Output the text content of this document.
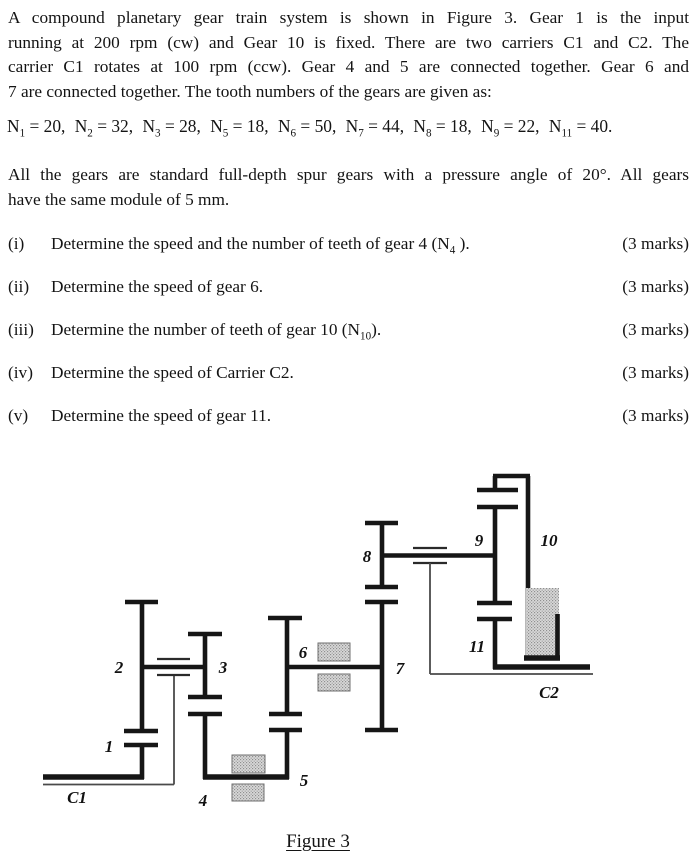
A compound planetary gear train system is shown in Figure 3. Gear 1 is the input
running at 200 rpm (cw) and Gear 10 is fixed. There are two carriers C1 and C2. The
carrier C1 rotates at 100 rpm (ccw). Gear 4 and 5 are connected together. Gear 6 and
7 are connected together. The tooth numbers of the gears are given as:
$N_1 = 20$, $N_2 = 32$, $N_3 = 28$, $N_5 = 18$, $N_6 = 50$, $N_7 = 44$, $N_8 = 18$, $N_9 = 22$, $N_{11} = 40$.
All the gears are standard full-depth spur gears with a pressure angle of 20°. All gears
have the same module of 5 mm.
(i)	Determine the speed and the number of teeth of gear 4 ($N_4$ ).	(3 marks)
(ii)	Determine the speed of gear 6.	(3 marks)
(iii) Determine the number of teeth of gear 10 $(N_{10})$.	(3 marks)
(iv)	Determine the speed of Carrier C2.	(3 marks)
(v)	Determine the speed of gear 11.	(3 marks)
1
2	3
4
5
6
7
8
9	10
11
C1
C2
Figure 3
